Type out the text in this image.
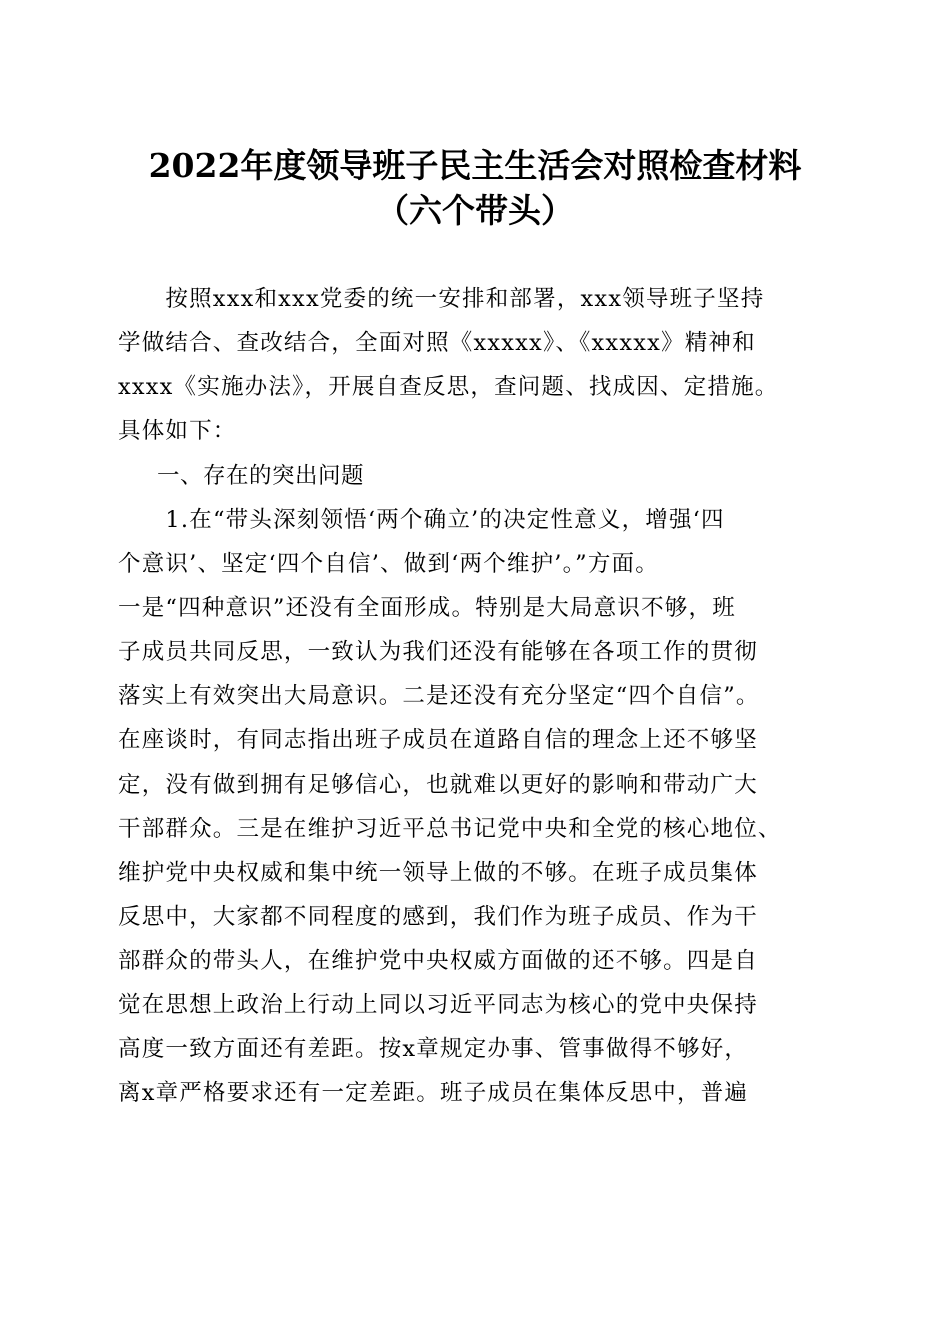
2022年度领导班子民主生活会对照检查材料
（六个带头）
　　按照xxx和xxx党委的统一安排和部署，xxx领导班子坚持
学做结合、查改结合，全面对照《xxxxx》、《xxxxx》精神和
xxxx《实施办法》，开展自查反思，查问题、找成因、定措施。
具体如下：
一、存在的突出问题
　　1.在“带头深刻领悟‘两个确立’的决定性意义，增强‘四
个意识’、坚定‘四个自信’、做到‘两个维护’。”方面。
一是“四种意识”还没有全面形成。特别是大局意识不够，班
子成员共同反思，一致认为我们还没有能够在各项工作的贯彻
落实上有效突出大局意识。二是还没有充分坚定“四个自信”。
在座谈时，有同志指出班子成员在道路自信的理念上还不够坚
定，没有做到拥有足够信心，也就难以更好的影响和带动广大
干部群众。三是在维护习近平总书记党中央和全党的核心地位、
维护党中央权威和集中统一领导上做的不够。在班子成员集体
反思中，大家都不同程度的感到，我们作为班子成员、作为干
部群众的带头人，在维护党中央权威方面做的还不够。四是自
觉在思想上政治上行动上同以习近平同志为核心的党中央保持
高度一致方面还有差距。按x章规定办事、管事做得不够好，
离x章严格要求还有一定差距。班子成员在集体反思中，普遍
